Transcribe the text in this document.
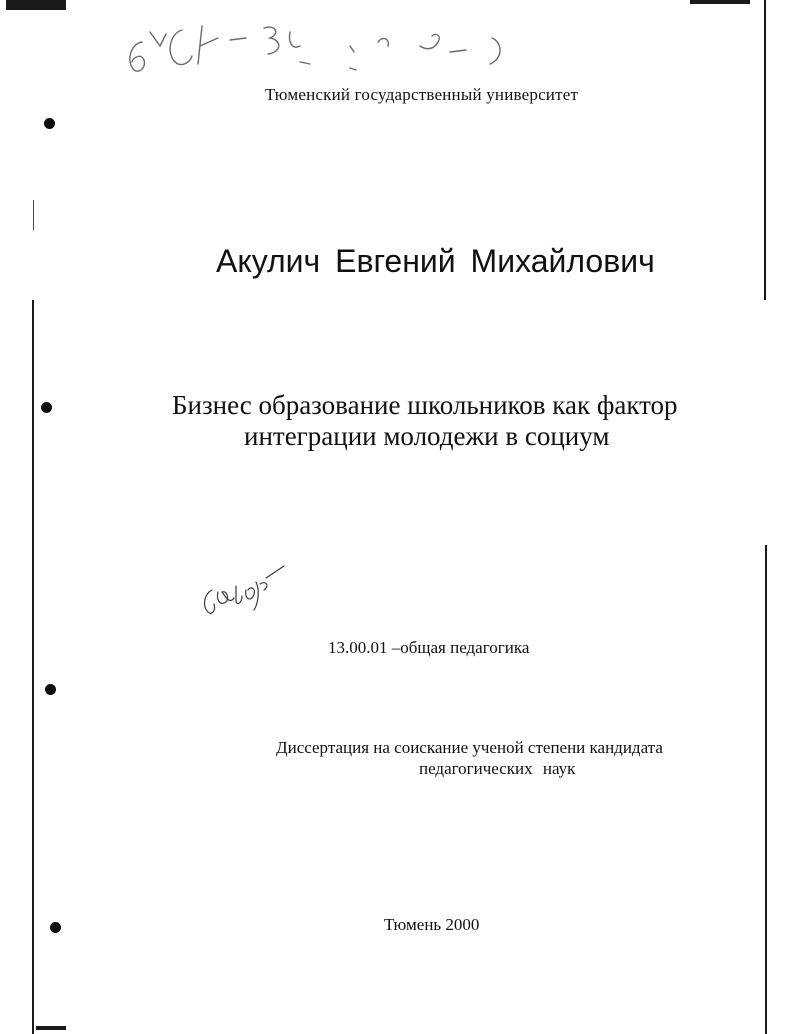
Тюменский государственный университет
Акулич Евгений Михайлович
Бизнес образование школьников как фактор
интеграции молодежи в социум
13.00.01 –общая педагогика
Диссертация на соискание ученой степени кандидата
педагогических наук
Тюмень 2000
